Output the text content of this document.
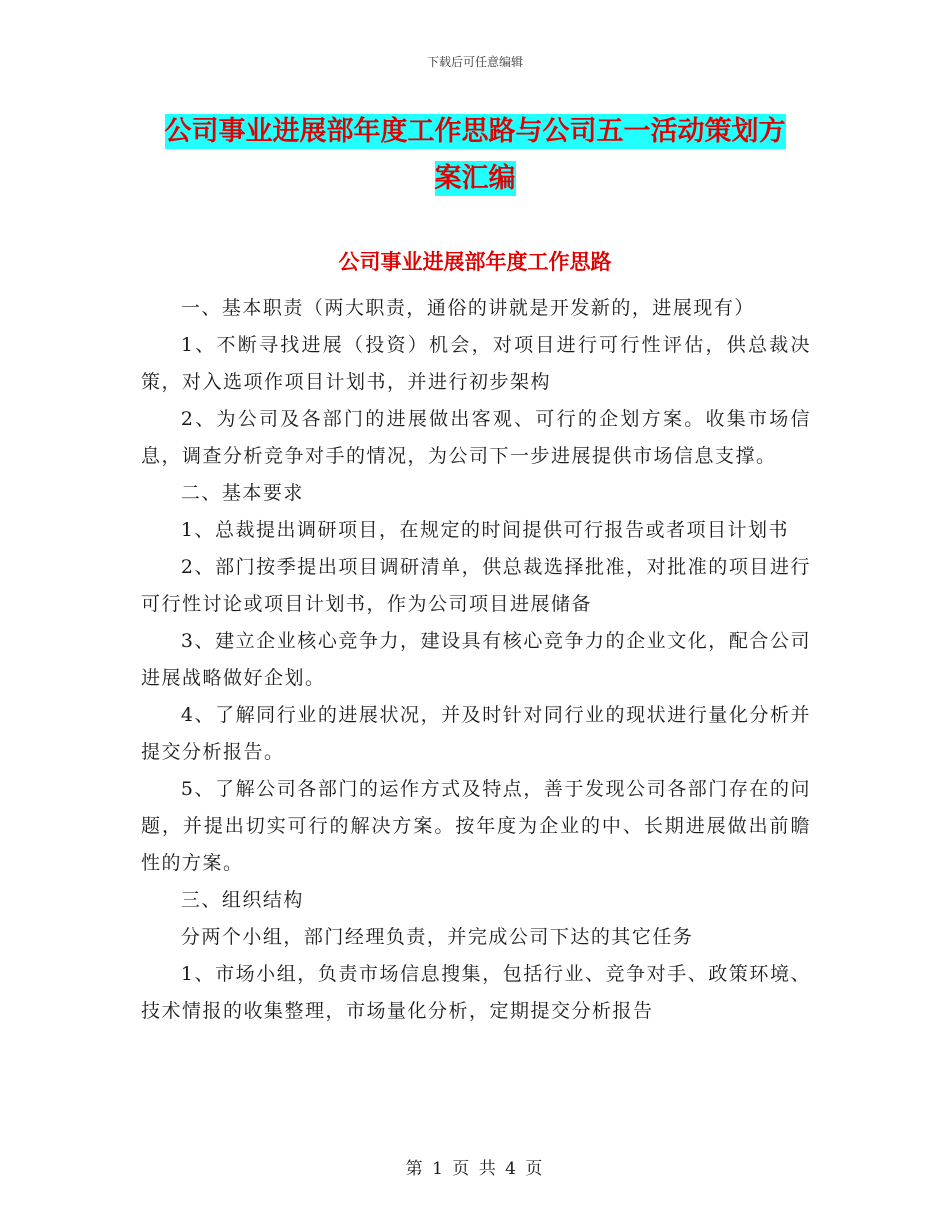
下载后可任意编辑
公司事业进展部年度工作思路与公司五一活动策划方
案汇编
公司事业进展部年度工作思路

一、基本职责（两大职责，通俗的讲就是开发新的，进展现有）

1、不断寻找进展（投资）机会，对项目进行可行性评估，供总裁决策，对入选项作项目计划书，并进行初步架构

2、为公司及各部门的进展做出客观、可行的企划方案。收集市场信息，调查分析竞争对手的情况，为公司下一步进展提供市场信息支撑。

二、基本要求

1、总裁提出调研项目，在规定的时间提供可行报告或者项目计划书

2、部门按季提出项目调研清单，供总裁选择批准，对批准的项目进行可行性讨论或项目计划书，作为公司项目进展储备

3、建立企业核心竞争力，建设具有核心竞争力的企业文化，配合公司进展战略做好企划。

4、了解同行业的进展状况，并及时针对同行业的现状进行量化分析并提交分析报告。

5、了解公司各部门的运作方式及特点，善于发现公司各部门存在的问题，并提出切实可行的解决方案。按年度为企业的中、长期进展做出前瞻性的方案。

三、组织结构

分两个小组，部门经理负责，并完成公司下达的其它任务

1、市场小组，负责市场信息搜集，包括行业、竞争对手、政策环境、技术情报的收集整理，市场量化分析，定期提交分析报告

第 1 页 共 4 页
